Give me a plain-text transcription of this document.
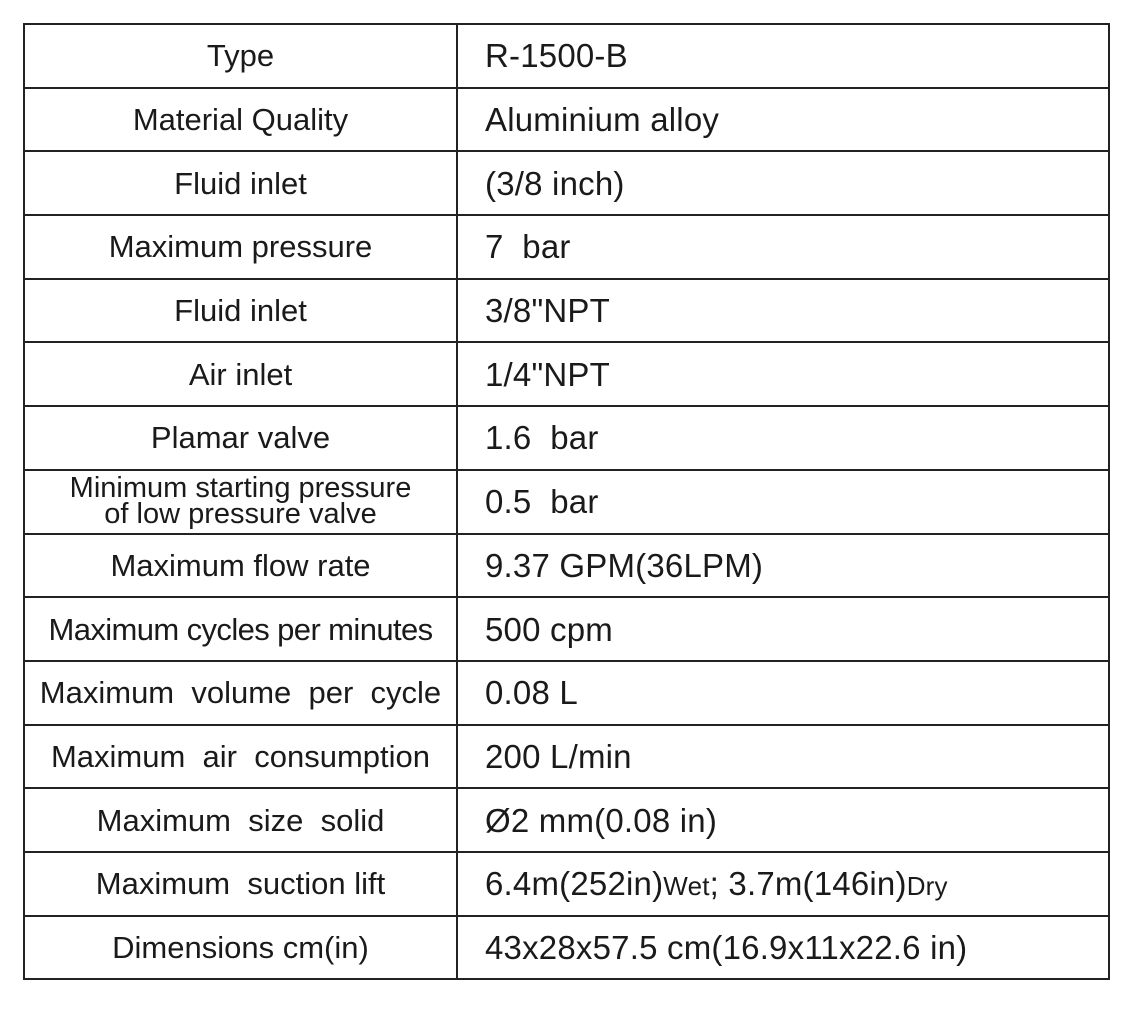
Type	R-1500-B
Material Quality	Aluminium alloy
Fluid inlet	(3/8 inch)
Maximum pressure	7  bar
Fluid inlet	3/8"NPT
Air inlet	1/4"NPT
Plamar valve	1.6  bar
Minimum starting pressure
of low pressure valve	0.5  bar
Maximum flow rate	9.37 GPM(36LPM)
Maximum cycles per minutes	500 cpm
Maximum  volume  per  cycle	0.08 L
Maximum  air  consumption	200 L/min
Maximum  size  solid	Ø2 mm(0.08 in)
Maximum  suction lift	6.4m(252in)Wet; 3.7m(146in)Dry
Dimensions cm(in)	43x28x57.5 cm(16.9x11x22.6 in)
